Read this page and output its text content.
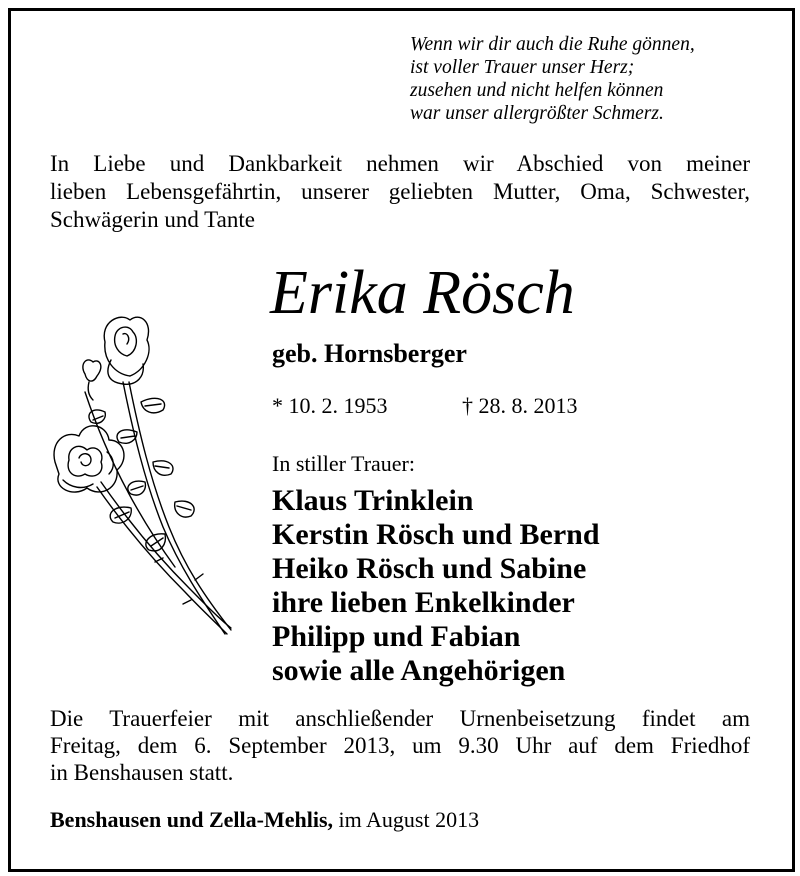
Wenn wir dir auch die Ruhe gönnen,
ist voller Trauer unser Herz;
zusehen und nicht helfen können
war unser allergrößter Schmerz.
In Liebe und Dankbarkeit nehmen wir Abschied von meiner
lieben Lebensgefährtin, unserer geliebten Mutter, Oma, Schwester,
Schwägerin und Tante
Erika Rösch
geb. Hornsberger
* 10. 2. 1953	† 28. 8. 2013
In stiller Trauer:
Klaus Trinklein
Kerstin Rösch und Bernd
Heiko Rösch und Sabine
ihre lieben Enkelkinder
Philipp und Fabian
sowie alle Angehörigen
Die Trauerfeier mit anschließender Urnenbeisetzung findet am
Freitag, dem 6. September 2013, um 9.30 Uhr auf dem Friedhof
in Benshausen statt.
Benshausen und Zella-Mehlis, im August 2013
